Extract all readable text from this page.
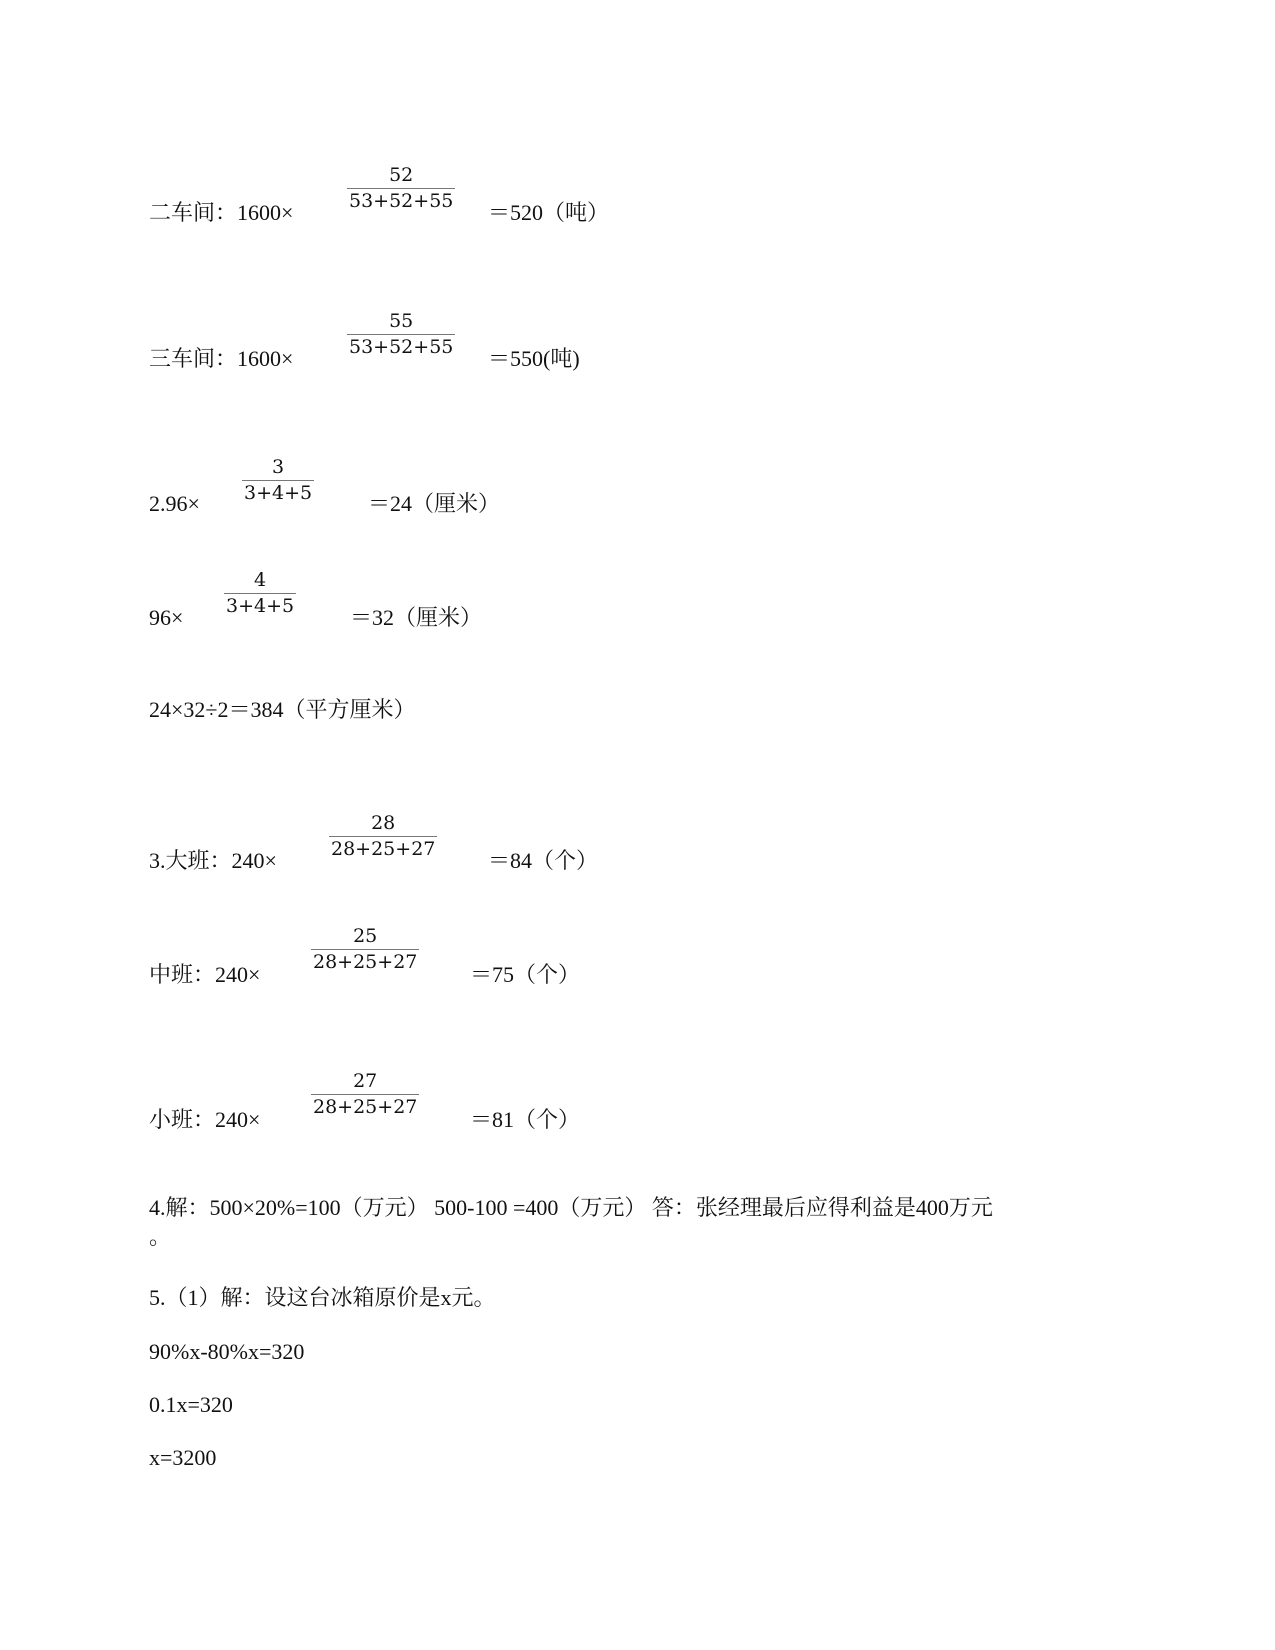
二车间：1600×	＝520（吨）
52
53+52+55
三车间：1600×	＝550(吨)
55
53+52+55
2.96×	＝24（厘米）
3
3+4+5
96×	＝32（厘米）
4
3+4+5
24×32÷2＝384（平方厘米）
3.大班：240×	＝84（个）
28
28+25+27
中班：240×	＝75（个）
25
28+25+27
小班：240×	＝81（个）
27
28+25+27
4.解：500×20%=100（万元） 500-100 =400（万元） 答：张经理最后应得利益是400万元
。
5.（1）解：设这台冰箱原价是x元。
90%x-80%x=320
0.1x=320
x=3200
